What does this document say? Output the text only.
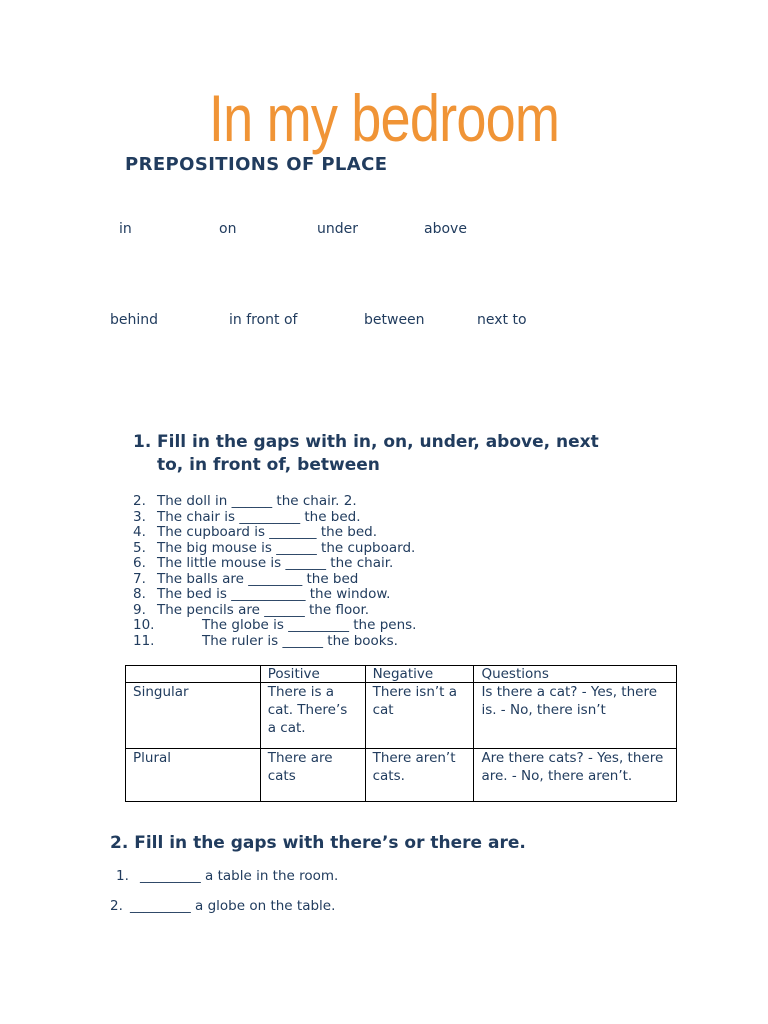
In my bedroom
PREPOSITIONS OF PLACE
in	on	under	above
behind	in front of	between	next to
1. Fill in the gaps with in, on, under, above, next
to, in front of, between
2. The doll in ______ the chair. 2.
3. The chair is _________ the bed.
4. The cupboard is _______ the bed.
5. The big mouse is ______ the cupboard.
6. The little mouse is ______ the chair.
7. The balls are ________ the bed
8. The bed is ___________ the window.
9. The pencils are ______ the floor.
10.	The globe is _________ the pens.
11.	The ruler is ______ the books.
	Positive	Negative	Questions
Singular	There is a cat. There’s a cat.	There isn’t a cat	Is there a cat? - Yes, there is. - No, there isn’t
Plural	There are cats	There aren’t cats.	Are there cats? - Yes, there are. - No, there aren’t.
2. Fill in the gaps with there’s or there are.
1. _________ a table in the room.
2. _________ a globe on the table.
